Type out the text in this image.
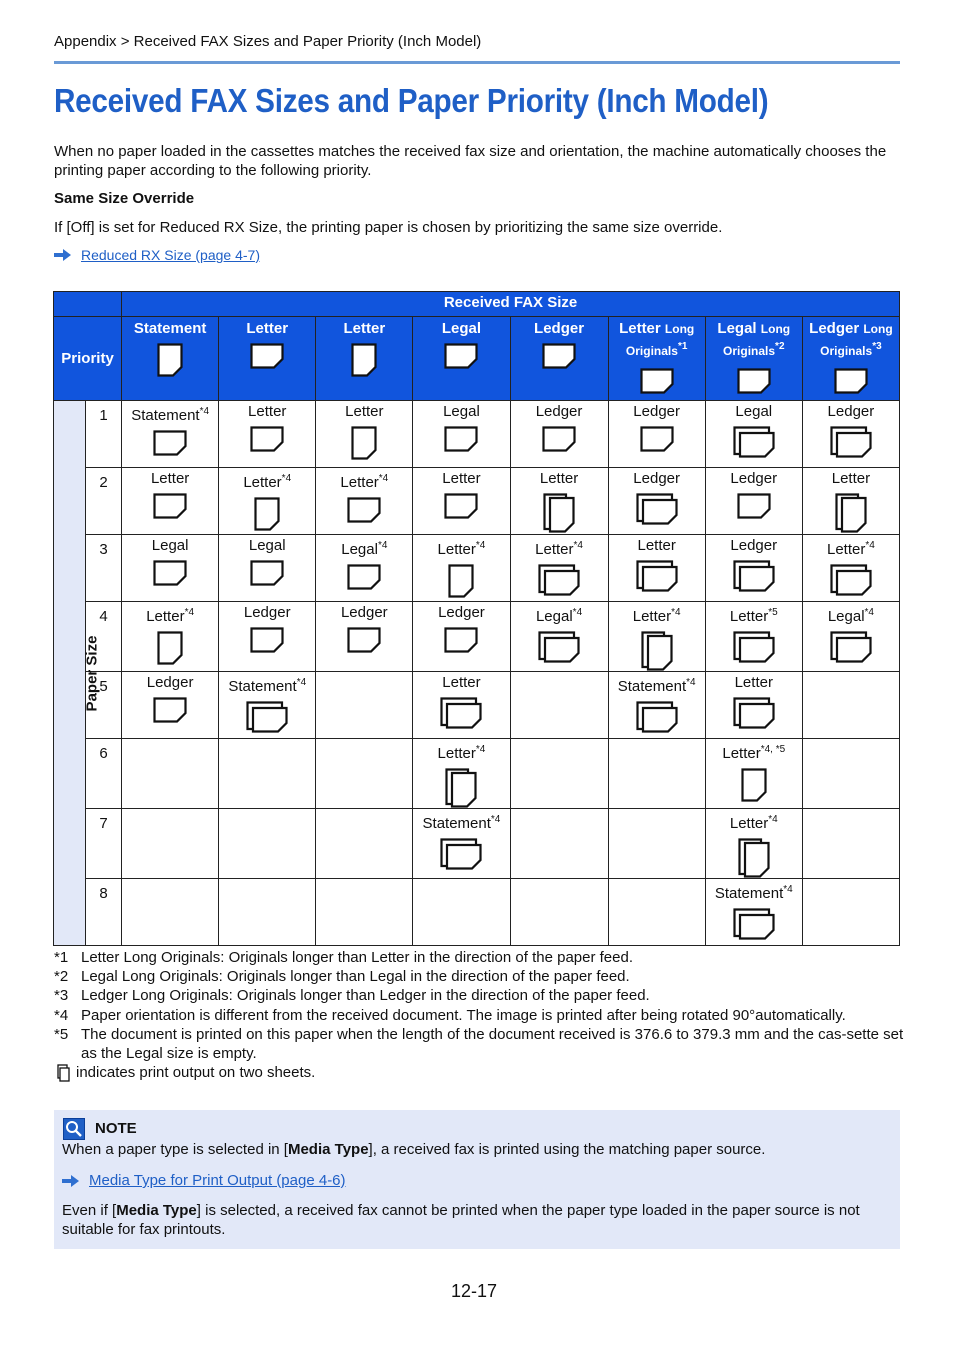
Appendix > Received FAX Sizes and Paper Priority (Inch Model)
Received FAX Sizes and Paper Priority (Inch Model)

When no paper loaded in the cassettes matches the received fax size and orientation, the machine automatically chooses the printing paper according to the following priority.

Same Size Override

If [Off] is set for Reduced RX Size, the printing paper is chosen by prioritizing the same size override.

Reduced RX Size (page 4-7)
		Received FAX Size							
Priority		Statement	Letter	Letter	Legal	Ledger	Letter Long Originals$^{*1}$	Legal Long Originals$^{*2}$	Ledger Long Originals$^{*3}$

Paper Size	1	Statement$^{*4}$	Letter	Letter	Legal	Ledger	Ledger	Legal	Ledger

	2	Letter	Letter$^{*4}$	Letter$^{*4}$	Letter	Letter	Ledger	Ledger	Letter

	3	Legal	Legal	Legal$^{*4}$	Letter$^{*4}$	Letter$^{*4}$	Letter	Ledger	Letter$^{*4}$

	4	Letter$^{*4}$	Ledger	Ledger	Ledger	Legal$^{*4}$	Letter$^{*4}$	Letter$^{*5}$	Legal$^{*4}$

	5	Ledger	Statement$^{*4}$		Letter		Statement$^{*4}$	Letter	

	6				Letter$^{*4}$			Letter$^{*4, *5}$

	7				Statement$^{*4}$			Letter$^{*4}$

	8							Statement$^{*4}$

*1 Letter Long Originals: Originals longer than Letter in the direction of the paper feed.
*2 Legal Long Originals: Originals longer than Legal in the direction of the paper feed.
*3 Ledger Long Originals: Originals longer than Ledger in the direction of the paper feed.
*4 Paper orientation is different from the received document. The image is printed after being rotated 90°automatically.
*5 The document is printed on this paper when the length of the document received is 376.6 to 379.3 mm and the cas-sette set as the Legal size is empty.
indicates print output on two sheets.
NOTE
When a paper type is selected in [Media Type], a received fax is printed using the matching paper source.
Media Type for Print Output (page 4-6)
Even if [Media Type] is selected, a received fax cannot be printed when the paper type loaded in the paper source is not suitable for fax printouts.
12-17
